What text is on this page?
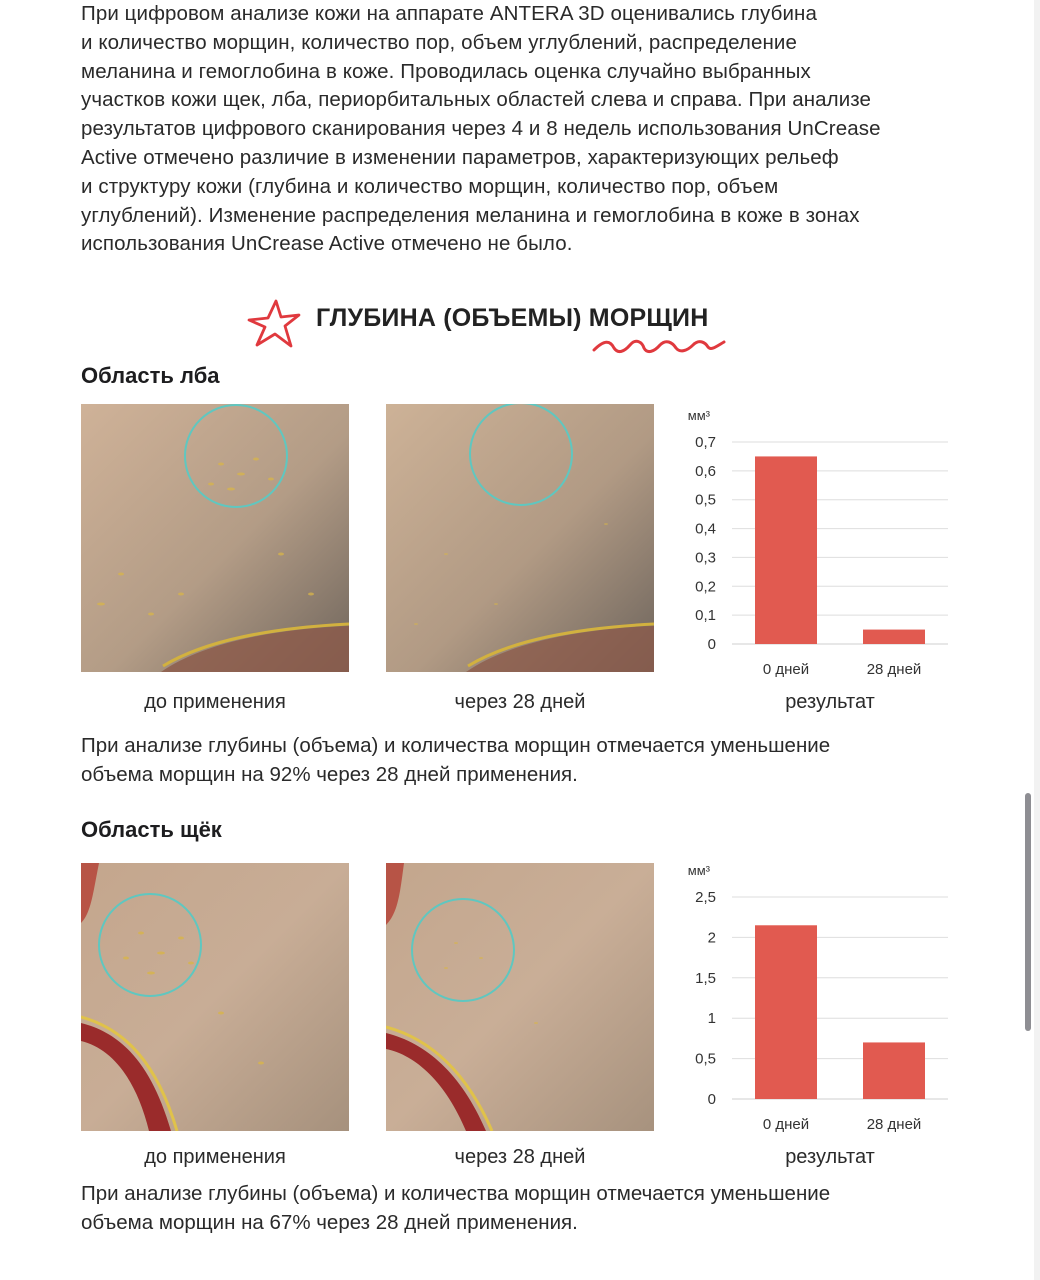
При цифровом анализе кожи на аппарате ANTERA 3D оценивались глубина
и количество морщин, количество пор, объем углублений, распределение
меланина и гемоглобина в коже. Проводилась оценка случайно выбранных
участков кожи щек, лба, периорбитальных областей слева и справа. При анализе
результатов цифрового сканирования через 4 и 8 недель использования UnCrease
Active отмечено различие в изменении параметров, характеризующих рельеф
и структуру кожи (глубина и количество морщин, количество пор, объем
углублений). Изменение распределения меланина и гемоглобина в коже в зонах
использования UnCrease Active отмечено не было.
ГЛУБИНА (ОБЪЕМЫ) МОРЩИН
Область лба
мм³
0
0,1
0,2
0,3
0,4
0,5
0,6
0,7
0 дней	28 дней
до применения	через 28 дней	результат
При анализе глубины (объема) и количества морщин отмечается уменьшение
объема морщин на 92% через 28 дней применения.
Область щёк
мм³
0
0,5
1
1,5
2
2,5
0 дней	28 дней
до применения	через 28 дней	результат
При анализе глубины (объема) и количества морщин отмечается уменьшение
объема морщин на 67% через 28 дней применения.
